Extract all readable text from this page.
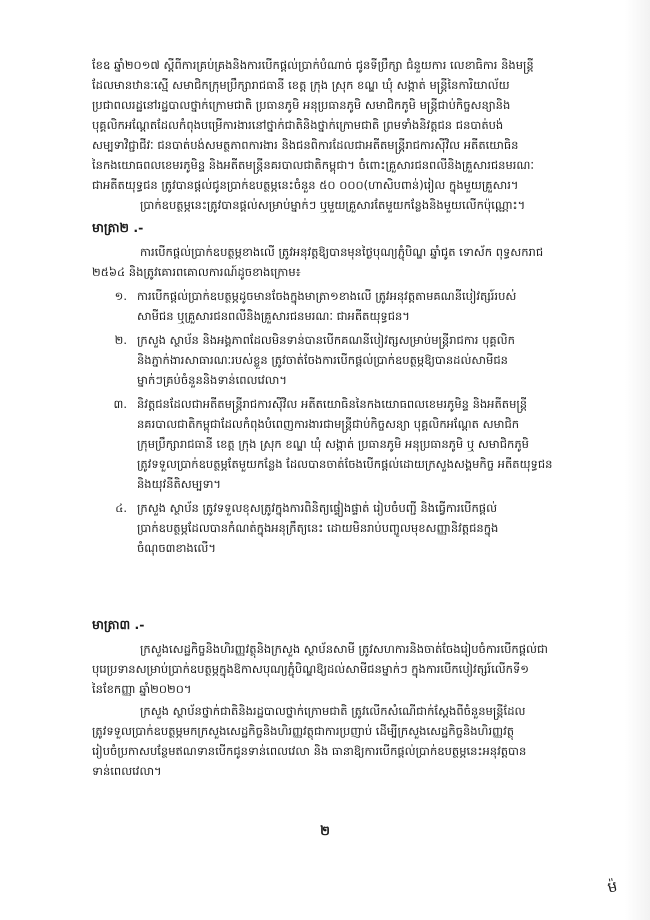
ខែឧ ឆ្នាំ២០១៧ ស្តីពីការគ្រប់គ្រងនិងការបើកផ្តល់ប្រាក់បំណាច់ ជូនទីប្រឹក្សា ជំនួយការ លេខាធិការ និងមន្ត្រី

ដែលមានឋានៈស្មើ សមាជិកក្រុមប្រឹក្សារាជធានី ខេត្ត ក្រុង ស្រុក ខណ្ឌ ឃុំ សង្កាត់ មន្ត្រីនៃការិយាល័យ

ប្រជាពលរដ្ឋនៅរដ្ឋបាលថ្នាក់ក្រោមជាតិ ប្រធានភូមិ អនុប្រធានភូមិ សមាជិកភូមិ មន្ត្រីជាប់កិច្ចសន្យានិង

បុគ្គលិកអណ្តែតដែលកំពុងបម្រើការងារនៅថ្នាក់ជាតិនិងថ្នាក់ក្រោមជាតិ ព្រមទាំងនិវត្តជន ជនបាត់បង់

សម្បទាវិជ្ជាជីវៈ ជនបាត់បង់សមត្ថភាពការងារ និងជនពិការដែលជាអតីតមន្ត្រីរាជការស៊ីវិល អតីតយោធិន

នៃកងយោធពលខេមរភូមិន្ទ និងអតីតមន្ត្រីនគរបាលជាតិកម្ពុជា។ ចំពោះគ្រួសារជនពលីនិងគ្រួសារជនមរណៈ

ជាអតីតយុទ្ធជន ត្រូវបានផ្តល់ជូនប្រាក់ឧបត្ថម្ភនេះចំនួន ៥០ ០០០(ហាសិបពាន់)រៀល ក្នុងមួយគ្រួសារ។

ប្រាក់ឧបត្ថម្ភនេះត្រូវបានផ្តល់សម្រាប់ម្នាក់ៗ ឬមួយគ្រួសារតែមួយកន្លែងនិងមួយលើកប៉ុណ្ណោះ។

មាត្រា២ .-

ការបើកផ្តល់ប្រាក់ឧបត្ថម្ភខាងលើ ត្រូវអនុវត្តឱ្យបានមុនថ្ងៃបុណ្យភ្ជុំបិណ្ឌ ឆ្នាំជូត ទោស័ក ពុទ្ធសករាជ

២៥៦៤ និងត្រូវគោរពគោលការណ៍ដូចខាងក្រោម៖

១. ការបើកផ្តល់ប្រាក់ឧបត្ថម្ភដូចមានចែងក្នុងមាត្រា១ខាងលើ ត្រូវអនុវត្តតាមគណនីបៀវត្សរ៍របស់

សាមីជន ឬគ្រួសារជនពលីនិងគ្រួសារជនមរណៈ ជាអតីតយុទ្ធជន។

២. ក្រសួង ស្ថាប័ន និងអង្គភាពដែលមិនទាន់បានបើកគណនីបៀវត្សសម្រាប់មន្ត្រីរាជការ បុគ្គលិក

និងភ្នាក់ងារសាធារណៈរបស់ខ្លួន ត្រូវចាត់ចែងការបើកផ្តល់ប្រាក់ឧបត្ថម្ភឱ្យបានដល់សាមីជន

ម្នាក់ៗគ្រប់ចំនួននិងទាន់ពេលវេលា។

៣. និវត្តជនដែលជាអតីតមន្ត្រីរាជការស៊ីវិល អតីតយោធិននៃកងយោធពលខេមរភូមិន្ទ និងអតីតមន្ត្រី

នគរបាលជាតិកម្ពុជាដែលកំពុងបំពេញការងារជាមន្ត្រីជាប់កិច្ចសន្យា បុគ្គលិកអណ្តែត សមាជិក

ក្រុមប្រឹក្សារាជធានី ខេត្ត ក្រុង ស្រុក ខណ្ឌ ឃុំ សង្កាត់ ប្រធានភូមិ អនុប្រធានភូមិ ឬ សមាជិកភូមិ

ត្រូវទទួលប្រាក់ឧបត្ថម្ភតែមួយកន្លែង ដែលបានចាត់ចែងបើកផ្តល់ដោយក្រសួងសង្គមកិច្ច អតីតយុទ្ធជន

និងយុវនីតិសម្បទា។

៤. ក្រសួង ស្ថាប័ន ត្រូវទទួលខុសត្រូវក្នុងការពិនិត្យផ្ទៀងផ្ទាត់ រៀបចំបញ្ជី និងធ្វើការបើកផ្តល់

ប្រាក់ឧបត្ថម្ភដែលបានកំណត់ក្នុងអនុក្រឹត្យនេះ ដោយមិនរាប់បញ្ចូលមុខសញ្ញានិវត្តជនក្នុង

ចំណុច៣ខាងលើ។

មាត្រា៣ .-

ក្រសួងសេដ្ឋកិច្ចនិងហិរញ្ញវត្ថុនិងក្រសួង ស្ថាប័នសាមី ត្រូវសហការនិងចាត់ចែងរៀបចំការបើកផ្តល់ជា

បុរេប្រទានសម្រាប់ប្រាក់ឧបត្ថម្ភក្នុងឱកាសបុណ្យភ្ជុំបិណ្ឌឱ្យដល់សាមីជនម្នាក់ៗ ក្នុងការបើកបៀវត្សរ៍លើកទី១

នៃខែកញ្ញា ឆ្នាំ២០២០។

ក្រសួង ស្ថាប័នថ្នាក់ជាតិនិងរដ្ឋបាលថ្នាក់ក្រោមជាតិ ត្រូវលើកសំណើជាក់ស្តែងពីចំនួនមន្ត្រីដែល

ត្រូវទទួលប្រាក់ឧបត្ថម្ភមកក្រសួងសេដ្ឋកិច្ចនិងហិរញ្ញវត្ថុជាការប្រញាប់ ដើម្បីក្រសួងសេដ្ឋកិច្ចនិងហិរញ្ញវត្ថុ

រៀបចំប្រកាសបន្ថែមឥណទានបើកជូនទាន់ពេលវេលា និង ធានាឱ្យការបើកផ្តល់ប្រាក់ឧបត្ថម្ភនេះអនុវត្តបាន

ទាន់ពេលវេលា។

២
ម៉
